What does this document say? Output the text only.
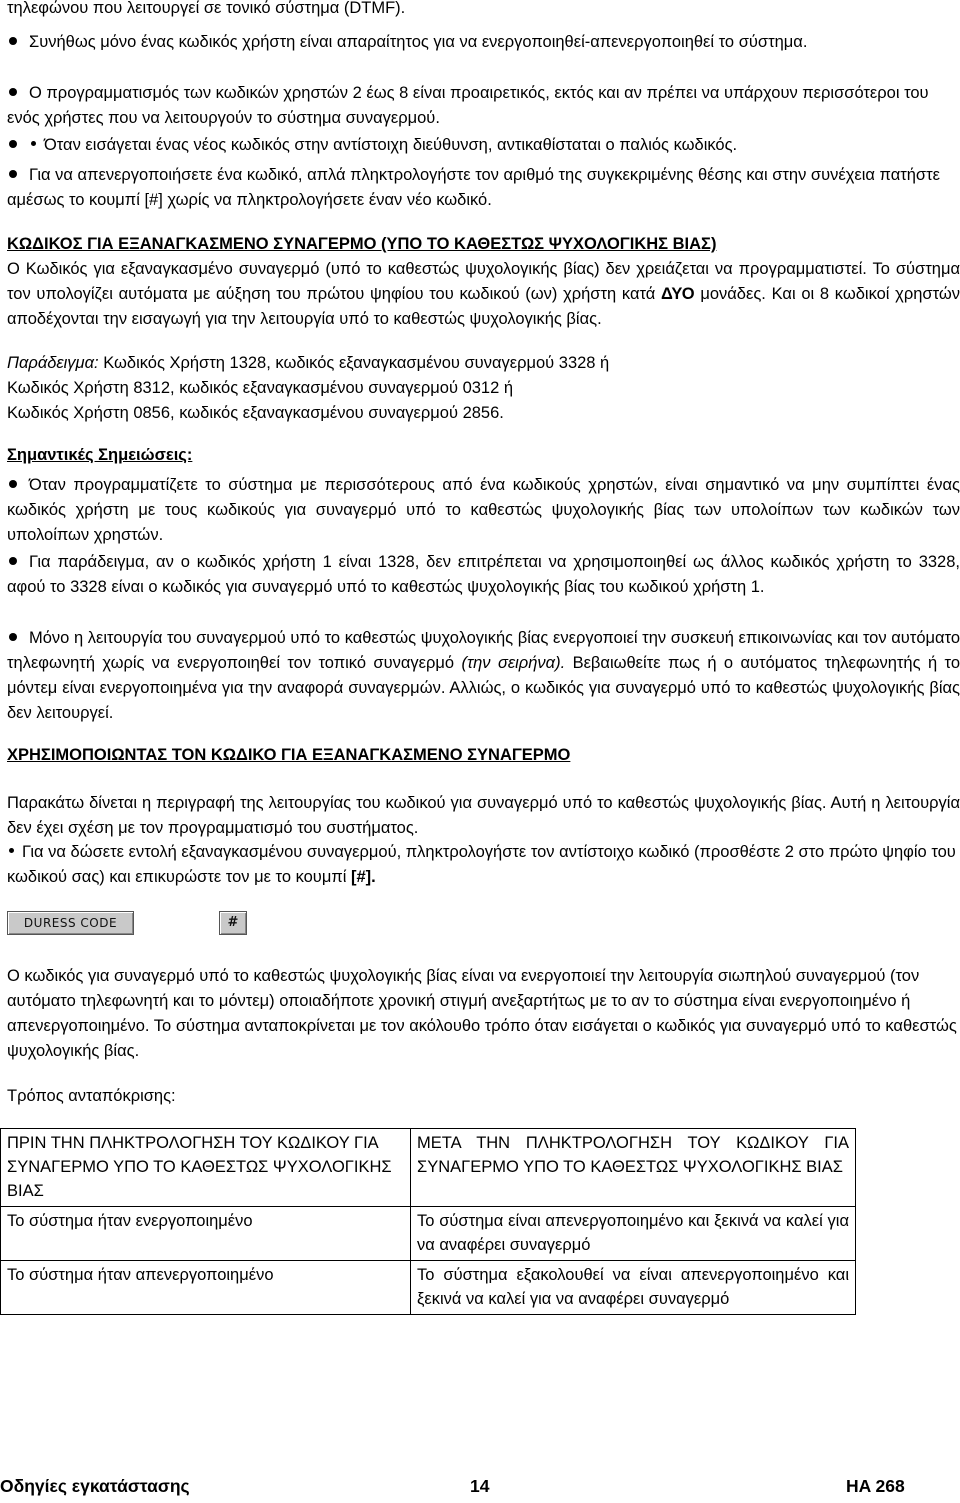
τηλεφώνου που λειτουργεί σε τονικό σύστημα (DTMF).

Συνήθως μόνο ένας κωδικός χρήστη είναι απαραίτητος για να ενεργοποιηθεί-απενεργοποιηθεί το σύστημα.

Ο προγραμματισμός των κωδικών χρηστών 2 έως 8 είναι προαιρετικός, εκτός και αν πρέπει να υπάρχουν περισσότεροι του ενός χρήστες που να λειτουργούν το σύστημα συναγερμού.

Όταν εισάγεται ένας νέος κωδικός στην αντίστοιχη διεύθυνση, αντικαθίσταται ο παλιός κωδικός.

Για να απενεργοποιήσετε ένα κωδικό, απλά πληκτρολογήστε τον αριθμό της συγκεκριμένης θέσης και στην συνέχεια πατήστε αμέσως το κουμπί [#] χωρίς να πληκτρολογήσετε έναν νέο κωδικό.

ΚΩΔΙΚΟΣ ΓΙΑ ΕΞΑΝΑΓΚΑΣΜΕΝΟ ΣΥΝΑΓΕΡΜΟ (ΥΠΟ ΤΟ ΚΑΘΕΣΤΩΣ ΨΥΧΟΛΟΓΙΚΗΣ ΒΙΑΣ)
Ο Κωδικός για εξαναγκασμένο συναγερμό (υπό το καθεστώς ψυχολογικής βίας) δεν χρειάζεται να προγραμματιστεί. Το σύστημα τον υπολογίζει αυτόματα με αύξηση του πρώτου ψηφίου του κωδικού (ων) χρήστη κατά ΔΥΟ μονάδες. Και οι 8 κωδικοί χρηστών αποδέχονται την εισαγωγή για την λειτουργία υπό το καθεστώς ψυχολογικής βίας.

Παράδειγμα: Κωδικός Χρήστη 1328, κωδικός εξαναγκασμένου συναγερμού 3328 ή
Κωδικός Χρήστη 8312, κωδικός εξαναγκασμένου συναγερμού 0312 ή
Κωδικός Χρήστη 0856, κωδικός εξαναγκασμένου συναγερμού 2856.

Σημαντικές Σημειώσεις:

Όταν προγραμματίζετε το σύστημα με περισσότερους από ένα κωδικούς χρηστών, είναι σημαντικό να μην συμπίπτει ένας κωδικός χρήστη με τους κωδικούς για συναγερμό υπό το καθεστώς ψυχολογικής βίας των υπολοίπων των κωδικών των υπολοίπων χρηστών.

Για παράδειγμα, αν ο κωδικός χρήστη 1 είναι 1328, δεν επιτρέπεται να χρησιμοποιηθεί ως άλλος κωδικός χρήστη το 3328, αφού το 3328 είναι ο κωδικός για συναγερμό υπό το καθεστώς ψυχολογικής βίας του κωδικού χρήστη 1.

Μόνο η λειτουργία του συναγερμού υπό το καθεστώς ψυχολογικής βίας ενεργοποιεί την συσκευή επικοινωνίας και τον αυτόματο τηλεφωνητή χωρίς να ενεργοποιηθεί τον τοπικό συναγερμό (την σειρήνα). Βεβαιωθείτε πως ή ο αυτόματος τηλεφωνητής ή το μόντεμ είναι ενεργοποιημένα για την αναφορά συναγερμών. Αλλιώς, ο κωδικός για συναγερμό υπό το καθεστώς ψυχολογικής βίας δεν λειτουργεί.

ΧΡΗΣΙΜΟΠΟΙΩΝΤΑΣ ΤΟΝ ΚΩΔΙΚΟ ΓΙΑ ΕΞΑΝΑΓΚΑΣΜΕΝΟ ΣΥΝΑΓΕΡΜΟ

Παρακάτω δίνεται η περιγραφή της λειτουργίας του κωδικού για συναγερμό υπό το καθεστώς ψυχολογικής βίας. Αυτή η λειτουργία δεν έχει σχέση με τον προγραμματισμό του συστήματος.

Για να δώσετε εντολή εξαναγκασμένου συναγερμού, πληκτρολογήστε τον αντίστοιχο κωδικό (προσθέστε 2 στο πρώτο ψηφίο του κωδικού σας) και επικυρώστε τον με το κουμπί [#].

DURESS CODE	#

Ο κωδικός για συναγερμό υπό το καθεστώς ψυχολογικής βίας είναι να ενεργοποιεί την λειτουργία σιωπηλού συναγερμού (τον αυτόματο τηλεφωνητή και το μόντεμ) οποιαδήποτε χρονική στιγμή ανεξαρτήτως με το αν το σύστημα είναι ενεργοποιημένο ή απενεργοποιημένο. Το σύστημα ανταποκρίνεται με τον ακόλουθο τρόπο όταν εισάγεται ο κωδικός για συναγερμό υπό το καθεστώς ψυχολογικής βίας.

Τρόπος ανταπόκρισης:

ΠΡΙΝ ΤΗΝ ΠΛΗΚΤΡΟΛΟΓΗΣΗ ΤΟΥ ΚΩΔΙΚΟΥ ΓΙΑ ΣΥΝΑΓΕΡΜΟ ΥΠΟ ΤΟ ΚΑΘΕΣΤΩΣ ΨΥΧΟΛΟΓΙΚΗΣ ΒΙΑΣ	ΜΕΤΑ ΤΗΝ ΠΛΗΚΤΡΟΛΟΓΗΣΗ ΤΟΥ ΚΩΔΙΚΟΥ ΓΙΑ ΣΥΝΑΓΕΡΜΟ ΥΠΟ ΤΟ ΚΑΘΕΣΤΩΣ ΨΥΧΟΛΟΓΙΚΗΣ ΒΙΑΣ
Το σύστημα ήταν ενεργοποιημένο	Το σύστημα είναι απενεργοποιημένο και ξεκινά να καλεί για να αναφέρει συναγερμό
Το σύστημα ήταν απενεργοποιημένο	Το σύστημα εξακολουθεί να είναι απενεργοποιημένο και ξεκινά να καλεί για να αναφέρει συναγερμό
Οδηγίες εγκατάστασης	14	HA 268
